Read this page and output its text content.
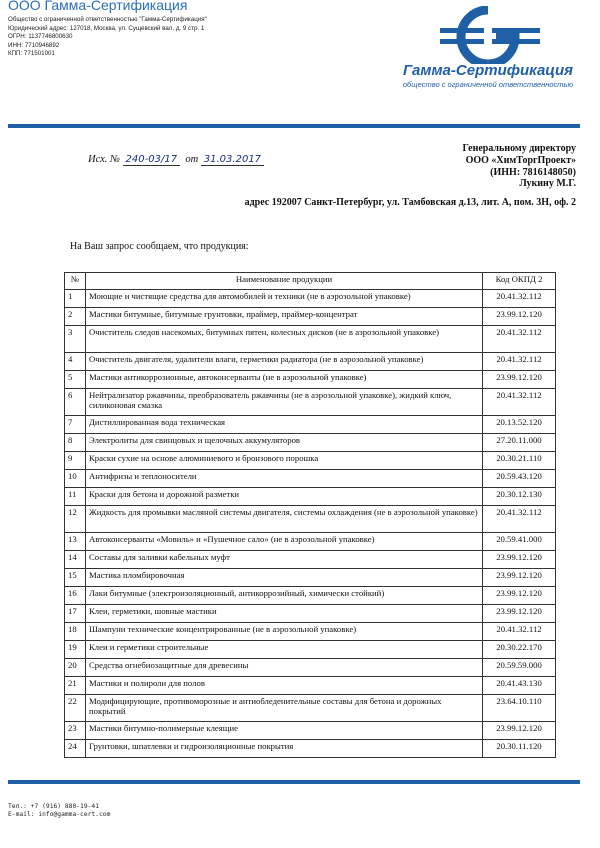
ООО Гамма-Сертификация
Общество с ограниченной ответственностью "Гамма-Сертификация"
Юридический адрес: 127018, Москва, ул. Сущевский вал, д. 9 стр. 1
ОГРН: 1137746800630
ИНН: 7710946892
КПП: 771501001
Гамма-Сертификация
общество с ограниченной ответственностью
Исх. № 240-03/17 от 31.03.2017
Генеральному директору
ООО «ХимТоргПроект»
(ИНН: 7816148050)
Лукину М.Г.
адрес 192007 Санкт-Петербург, ул. Тамбовская д.13, лит. А, пом. 3Н, оф. 2
На Ваш запрос сообщаем, что продукция:
№	Наименование продукции	Код ОКПД 2
1	Моющие и чистящие средства для автомобилей и техники (не в аэрозольной упаковке)	20.41.32.112
2	Мастики битумные, битумные грунтовки, праймер, праймер-концентрат	23.99.12.120
3	Очиститель следов насекомых, битумных пятен, колесных дисков (не в аэрозольной упаковке)	20.41.32.112
4	Очиститель двигателя, удалители влаги, герметики радиатора (не в аэрозольной упаковке)	20.41.32.112
5	Мастики антикоррозионные, автоконсерванты (не в аэрозольной упаковке)	23.99.12.120
6	Нейтрализатор ржавчины, преобразователь ржавчины (не в аэрозольной упаковке), жидкий ключ, силиконовая смазка	20.41.32.112
7	Дистиллированная вода техническая	20.13.52.120
8	Электролиты для свинцовых и щелочных аккумуляторов	27.20.11.000
9	Краски сухие на основе алюминиевого и бронзового порошка	20.30.21.110
10	Антифризы и теплоносители	20.59.43.120
11	Краски для бетона и дорожной разметки	20.30.12.130
12	Жидкость для промывки масляной системы двигателя, системы охлаждения (не в аэрозольной упаковке)	20.41.32.112
13	Автоконсерванты «Мовиль» и «Пушечное сало» (не в аэрозольной упаковке)	20.59.41.000
14	Составы для заливки кабельных муфт	23.99.12.120
15	Мастика пломбировочная	23.99.12.120
16	Лаки битумные (электроизоляционный, антикоррозийный, химически стойкий)	23.99.12.120
17	Клеи, герметики, шовные мастики	23.99.12.120
18	Шампуни технические концентрированные (не в аэрозольной упаковке)	20.41.32.112
19	Клеи и герметики строительные	20.30.22.170
20	Средства огнебиозащитные для древесины	20.59.59.000
21	Мастики и полироли для полов	20.41.43.130
22	Модифицирующие, противоморозные и антиобледенительные составы для бетона и дорожных покрытий	23.64.10.110
23	Мастики битумно-полимерные клеящие	23.99.12.120
24	Грунтовки, шпатлевки и гидроизоляционные покрытия	20.30.11.120
Тел.: +7 (916) 880-19-41
E-mail: info@gamma-cert.com
